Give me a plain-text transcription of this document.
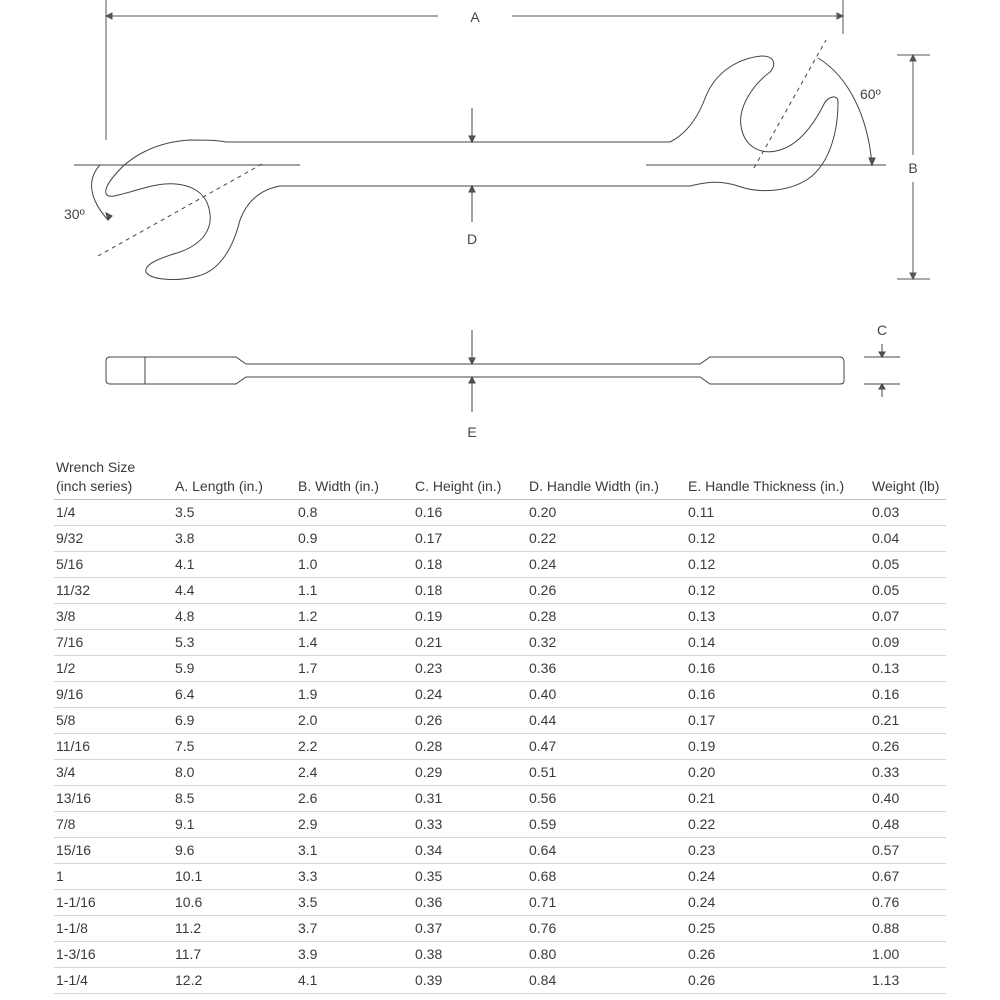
A
B
C
D
E
30º
60º
Wrench Size
(inch series)	A. Length (in.)	B. Width (in.)	C. Height (in.)	D. Handle Width (in.)	E. Handle Thickness (in.)	Weight (lb)

1/4	3.5	0.8	0.16	0.20	0.11	0.03
9/32	3.8	0.9	0.17	0.22	0.12	0.04
5/16	4.1	1.0	0.18	0.24	0.12	0.05
11/32	4.4	1.1	0.18	0.26	0.12	0.05
3/8	4.8	1.2	0.19	0.28	0.13	0.07
7/16	5.3	1.4	0.21	0.32	0.14	0.09
1/2	5.9	1.7	0.23	0.36	0.16	0.13
9/16	6.4	1.9	0.24	0.40	0.16	0.16
5/8	6.9	2.0	0.26	0.44	0.17	0.21
11/16	7.5	2.2	0.28	0.47	0.19	0.26
3/4	8.0	2.4	0.29	0.51	0.20	0.33
13/16	8.5	2.6	0.31	0.56	0.21	0.40
7/8	9.1	2.9	0.33	0.59	0.22	0.48
15/16	9.6	3.1	0.34	0.64	0.23	0.57
1	10.1	3.3	0.35	0.68	0.24	0.67
1-1/16	10.6	3.5	0.36	0.71	0.24	0.76
1-1/8	11.2	3.7	0.37	0.76	0.25	0.88
1-3/16	11.7	3.9	0.38	0.80	0.26	1.00
1-1/4	12.2	4.1	0.39	0.84	0.26	1.13
